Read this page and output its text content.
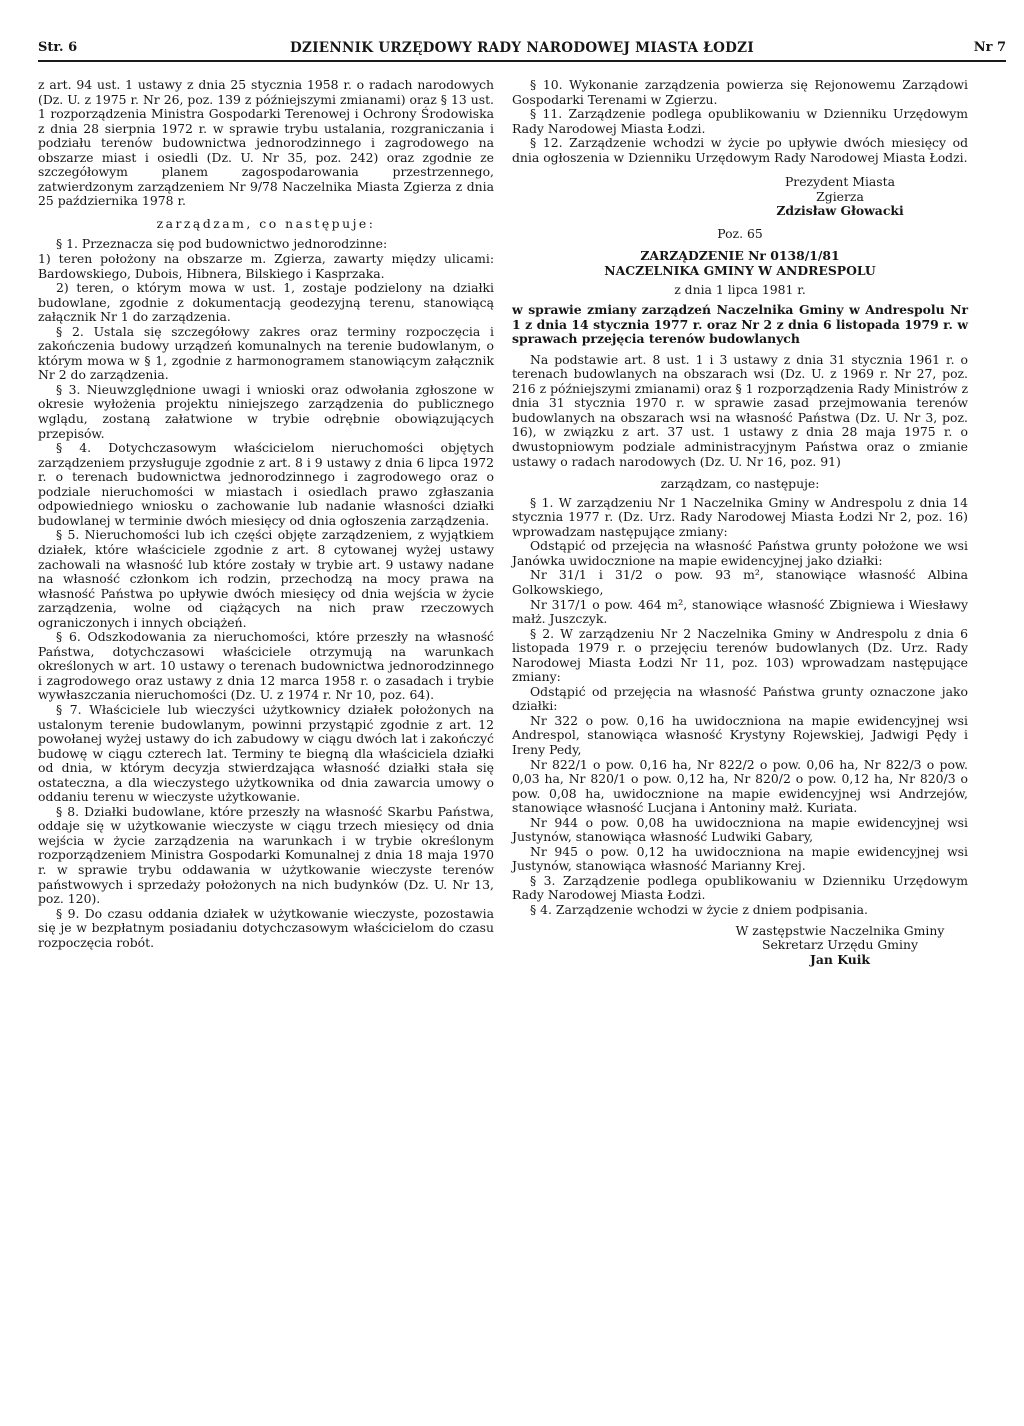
Str. 6	DZIENNIK URZĘDOWY RADY NARODOWEJ MIASTA ŁODZI	Nr 7

z art. 94 ust. 1 ustawy z dnia 25 stycznia 1958 r. o radach narodowych (Dz. U. z 1975 r. Nr 26, poz. 139 z późniejszymi zmianami) oraz § 13 ust. 1 rozporządzenia Ministra Gospodarki Terenowej i Ochrony Środowiska z dnia 28 sierpnia 1972 r. w sprawie trybu ustalania, rozgraniczania i podziału terenów budownictwa jednorodzinnego i zagrodowego na obszarze miast i osiedli (Dz. U. Nr 35, poz. 242) oraz zgodnie ze szczegółowym planem zagospodarowania przestrzennego, zatwierdzonym zarządzeniem Nr 9/78 Naczelnika Miasta Zgierza z dnia 25 października 1978 r.

zarządzam, co następuje:

§ 1. Przeznacza się pod budownictwo jednorodzinne:

1) teren położony na obszarze m. Zgierza, zawarty między ulicami: Bardowskiego, Dubois, Hibnera, Bilskiego i Kasprzaka.

2) teren, o którym mowa w ust. 1, zostaje podzielony na działki budowlane, zgodnie z dokumentacją geodezyjną terenu, stanowiącą załącznik Nr 1 do zarządzenia.

§ 2. Ustala się szczegółowy zakres oraz terminy rozpoczęcia i zakończenia budowy urządzeń komunalnych na terenie budowlanym, o którym mowa w § 1, zgodnie z harmonogramem stanowiącym załącznik Nr 2 do zarządzenia.

§ 3. Nieuwzględnione uwagi i wnioski oraz odwołania zgłoszone w okresie wyłożenia projektu niniejszego zarządzenia do publicznego wglądu, zostaną załatwione w trybie odrębnie obowiązujących przepisów.

§ 4. Dotychczasowym właścicielom nieruchomości objętych zarządzeniem przysługuje zgodnie z art. 8 i 9 ustawy z dnia 6 lipca 1972 r. o terenach budownictwa jednorodzinnego i zagrodowego oraz o podziale nieruchomości w miastach i osiedlach prawo zgłaszania odpowiedniego wniosku o zachowanie lub nadanie własności działki budowlanej w terminie dwóch miesięcy od dnia ogłoszenia zarządzenia.

§ 5. Nieruchomości lub ich części objęte zarządzeniem, z wyjątkiem działek, które właściciele zgodnie z art. 8 cytowanej wyżej ustawy zachowali na własność lub które zostały w trybie art. 9 ustawy nadane na własność członkom ich rodzin, przechodzą na mocy prawa na własność Państwa po upływie dwóch miesięcy od dnia wejścia w życie zarządzenia, wolne od ciążących na nich praw rzeczowych ograniczonych i innych obciążeń.

§ 6. Odszkodowania za nieruchomości, które przeszły na własność Państwa, dotychczasowi właściciele otrzymują na warunkach określonych w art. 10 ustawy o terenach budownictwa jednorodzinnego i zagrodowego oraz ustawy z dnia 12 marca 1958 r. o zasadach i trybie wywłaszczania nieruchomości (Dz. U. z 1974 r. Nr 10, poz. 64).

§ 7. Właściciele lub wieczyści użytkownicy działek położonych na ustalonym terenie budowlanym, powinni przystąpić zgodnie z art. 12 powołanej wyżej ustawy do ich zabudowy w ciągu dwóch lat i zakończyć budowę w ciągu czterech lat. Terminy te biegną dla właściciela działki od dnia, w którym decyzja stwierdzająca własność działki stała się ostateczna, a dla wieczystego użytkownika od dnia zawarcia umowy o oddaniu terenu w wieczyste użytkowanie.

§ 8. Działki budowlane, które przeszły na własność Skarbu Państwa, oddaje się w użytkowanie wieczyste w ciągu trzech miesięcy od dnia wejścia w życie zarządzenia na warunkach i w trybie określonym rozporządzeniem Ministra Gospodarki Komunalnej z dnia 18 maja 1970 r. w sprawie trybu oddawania w użytkowanie wieczyste terenów państwowych i sprzedaży położonych na nich budynków (Dz. U. Nr 13, poz. 120).

§ 9. Do czasu oddania działek w użytkowanie wieczyste, pozostawia się je w bezpłatnym posiadaniu dotychczasowym właścicielom do czasu rozpoczęcia robót.

§ 10. Wykonanie zarządzenia powierza się Rejonowemu Zarządowi Gospodarki Terenami w Zgierzu.

§ 11. Zarządzenie podlega opublikowaniu w Dzienniku Urzędowym Rady Narodowej Miasta Łodzi.

§ 12. Zarządzenie wchodzi w życie po upływie dwóch miesięcy od dnia ogłoszenia w Dzienniku Urzędowym Rady Narodowej Miasta Łodzi.

Prezydent Miasta

Zgierza

Zdzisław Głowacki

Poz. 65

ZARZĄDZENIE Nr 0138/1/81

NACZELNIKA GMINY W ANDRESPOLU

z dnia 1 lipca 1981 r.

w sprawie zmiany zarządzeń Naczelnika Gminy w Andrespolu Nr 1 z dnia 14 stycznia 1977 r. oraz Nr 2 z dnia 6 listopada 1979 r. w sprawach przejęcia terenów budowlanych

Na podstawie art. 8 ust. 1 i 3 ustawy z dnia 31 stycznia 1961 r. o terenach budowlanych na obszarach wsi (Dz. U. z 1969 r. Nr 27, poz. 216 z późniejszymi zmianami) oraz § 1 rozporządzenia Rady Ministrów z dnia 31 stycznia 1970 r. w sprawie zasad przejmowania terenów budowlanych na obszarach wsi na własność Państwa (Dz. U. Nr 3, poz. 16), w związku z art. 37 ust. 1 ustawy z dnia 28 maja 1975 r. o dwustopniowym podziale administracyjnym Państwa oraz o zmianie ustawy o radach narodowych (Dz. U. Nr 16, poz. 91)

zarządzam, co następuje:

§ 1. W zarządzeniu Nr 1 Naczelnika Gminy w Andrespolu z dnia 14 stycznia 1977 r. (Dz. Urz. Rady Narodowej Miasta Łodzi Nr 2, poz. 16) wprowadzam następujące zmiany:

Odstąpić od przejęcia na własność Państwa grunty położone we wsi Janówka uwidocznione na mapie ewidencyjnej jako działki:

Nr 31/1 i 31/2 o pow. 93 m², stanowiące własność Albina Golkowskiego,

Nr 317/1 o pow. 464 m², stanowiące własność Zbigniewa i Wiesławy małż. Juszczyk.

§ 2. W zarządzeniu Nr 2 Naczelnika Gminy w Andrespolu z dnia 6 listopada 1979 r. o przejęciu terenów budowlanych (Dz. Urz. Rady Narodowej Miasta Łodzi Nr 11, poz. 103) wprowadzam następujące zmiany:

Odstąpić od przejęcia na własność Państwa grunty oznaczone jako działki:

Nr 322 o pow. 0,16 ha uwidoczniona na mapie ewidencyjnej wsi Andrespol, stanowiąca własność Krystyny Rojewskiej, Jadwigi Pędy i Ireny Pedy,

Nr 822/1 o pow. 0,16 ha, Nr 822/2 o pow. 0,06 ha, Nr 822/3 o pow. 0,03 ha, Nr 820/1 o pow. 0,12 ha, Nr 820/2 o pow. 0,12 ha, Nr 820/3 o pow. 0,08 ha, uwidocznione na mapie ewidencyjnej wsi Andrzejów, stanowiące własność Lucjana i Antoniny małż. Kuriata.

Nr 944 o pow. 0,08 ha uwidoczniona na mapie ewidencyjnej wsi Justynów, stanowiąca własność Ludwiki Gabary,

Nr 945 o pow. 0,12 ha uwidoczniona na mapie ewidencyjnej wsi Justynów, stanowiąca własność Marianny Krej.

§ 3. Zarządzenie podlega opublikowaniu w Dzienniku Urzędowym Rady Narodowej Miasta Łodzi.

§ 4. Zarządzenie wchodzi w życie z dniem podpisania.

W zastępstwie Naczelnika Gminy

Sekretarz Urzędu Gminy

Jan Kuik
